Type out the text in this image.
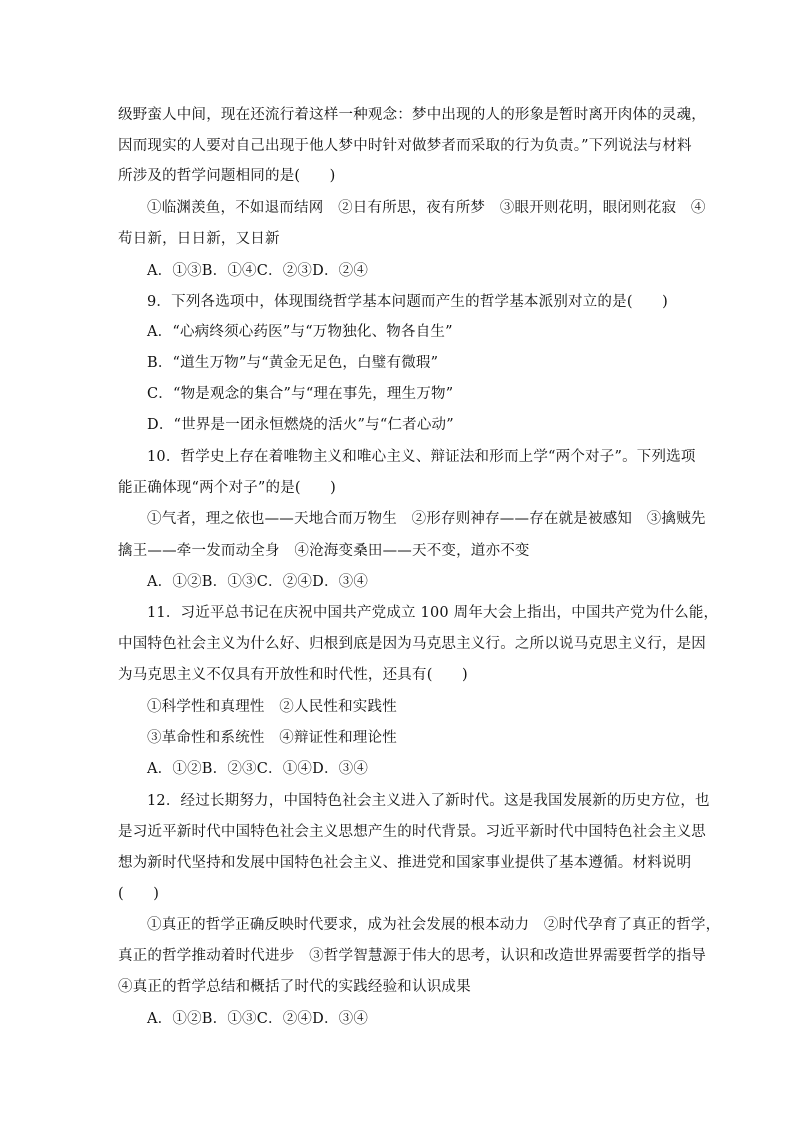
级野蛮人中间，现在还流行着这样一种观念：梦中出现的人的形象是暂时离开肉体的灵魂，
因而现实的人要对自己出现于他人梦中时针对做梦者而采取的行为负责。”下列说法与材料
所涉及的哲学问题相同的是(　　)
①临渊羡鱼，不如退而结网　②日有所思，夜有所梦　③眼开则花明，眼闭则花寂　④
苟日新，日日新，又日新
A．①③B．①④C．②③D．②④
9．下列各选项中，体现围绕哲学基本问题而产生的哲学基本派别对立的是(　　)
A．“心病终须心药医”与“万物独化、物各自生”
B．“道生万物”与“黄金无足色，白璧有微瑕”
C．“物是观念的集合”与“理在事先，理生万物”
D．“世界是一团永恒燃烧的活火”与“仁者心动”
10．哲学史上存在着唯物主义和唯心主义、辩证法和形而上学“两个对子”。下列选项
能正确体现“两个对子”的是(　　)
①气者，理之依也——天地合而万物生　②形存则神存——存在就是被感知　③擒贼先
擒王——牵一发而动全身　④沧海变桑田——天不变，道亦不变
A．①②B．①③C．②④D．③④
11．习近平总书记在庆祝中国共产党成立 100 周年大会上指出，中国共产党为什么能，
中国特色社会主义为什么好、归根到底是因为马克思主义行。之所以说马克思主义行，是因
为马克思主义不仅具有开放性和时代性，还具有(　　)
①科学性和真理性　②人民性和实践性
③革命性和系统性　④辩证性和理论性
A．①②B．②③C．①④D．③④
12．经过长期努力，中国特色社会主义进入了新时代。这是我国发展新的历史方位，也
是习近平新时代中国特色社会主义思想产生的时代背景。习近平新时代中国特色社会主义思
想为新时代坚持和发展中国特色社会主义、推进党和国家事业提供了基本遵循。材料说明
(　　)
①真正的哲学正确反映时代要求，成为社会发展的根本动力　②时代孕育了真正的哲学，
真正的哲学推动着时代进步　③哲学智慧源于伟大的思考，认识和改造世界需要哲学的指导
④真正的哲学总结和概括了时代的实践经验和认识成果
A．①②B．①③C．②④D．③④
